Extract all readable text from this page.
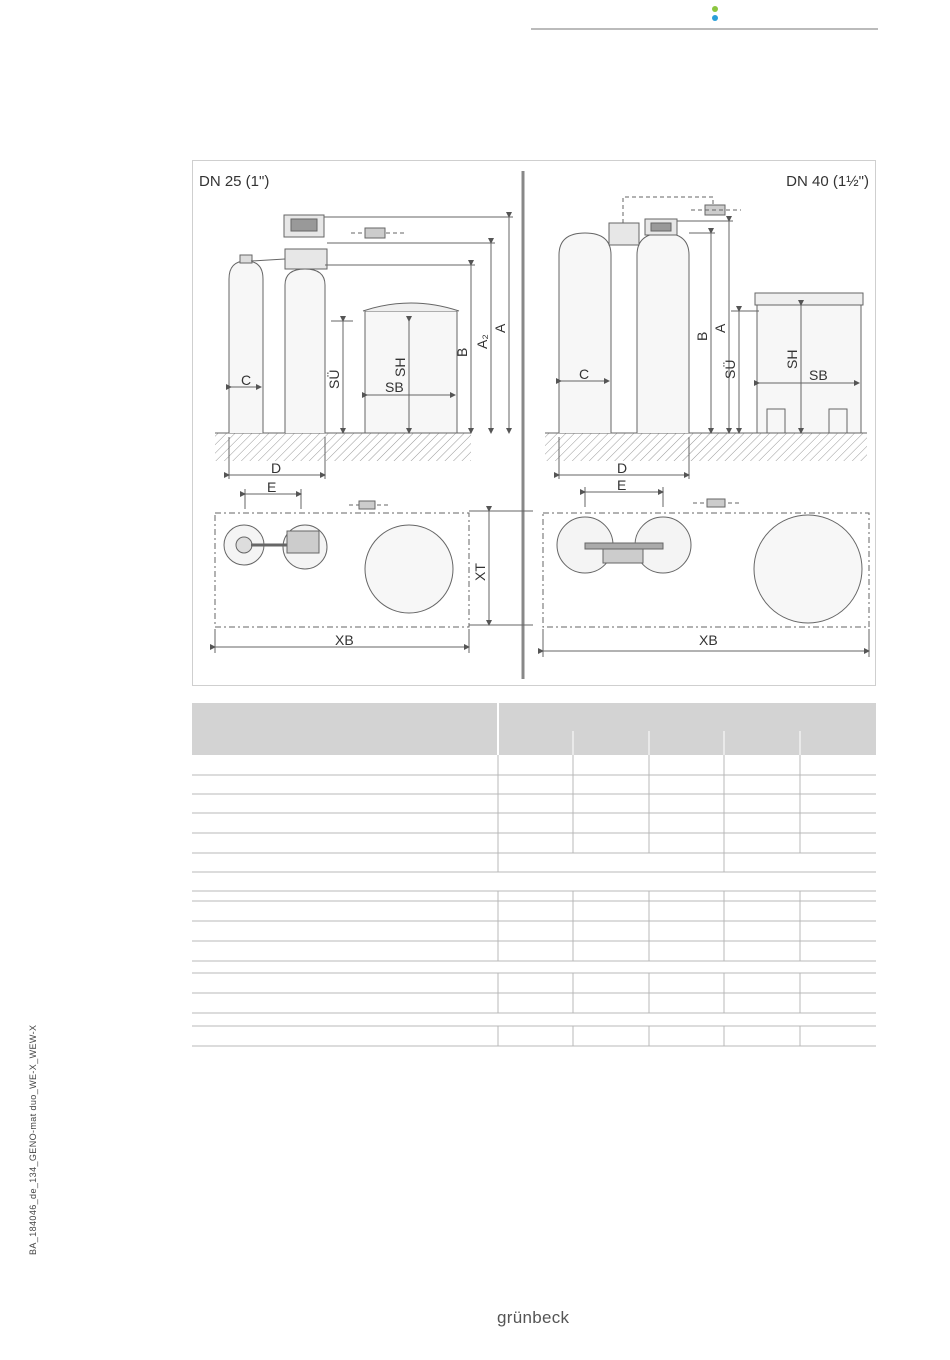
C
D
E
SB
SÜ
SH
B
A₂
A
XB
XT
C
D
E
SB
SÜ
SH
B
A
XB
DN 25 (1")	DN 40 (1½")
BA_184046_de_134_GENO-mat duo_WE-X_WEW-X
grünbeck
